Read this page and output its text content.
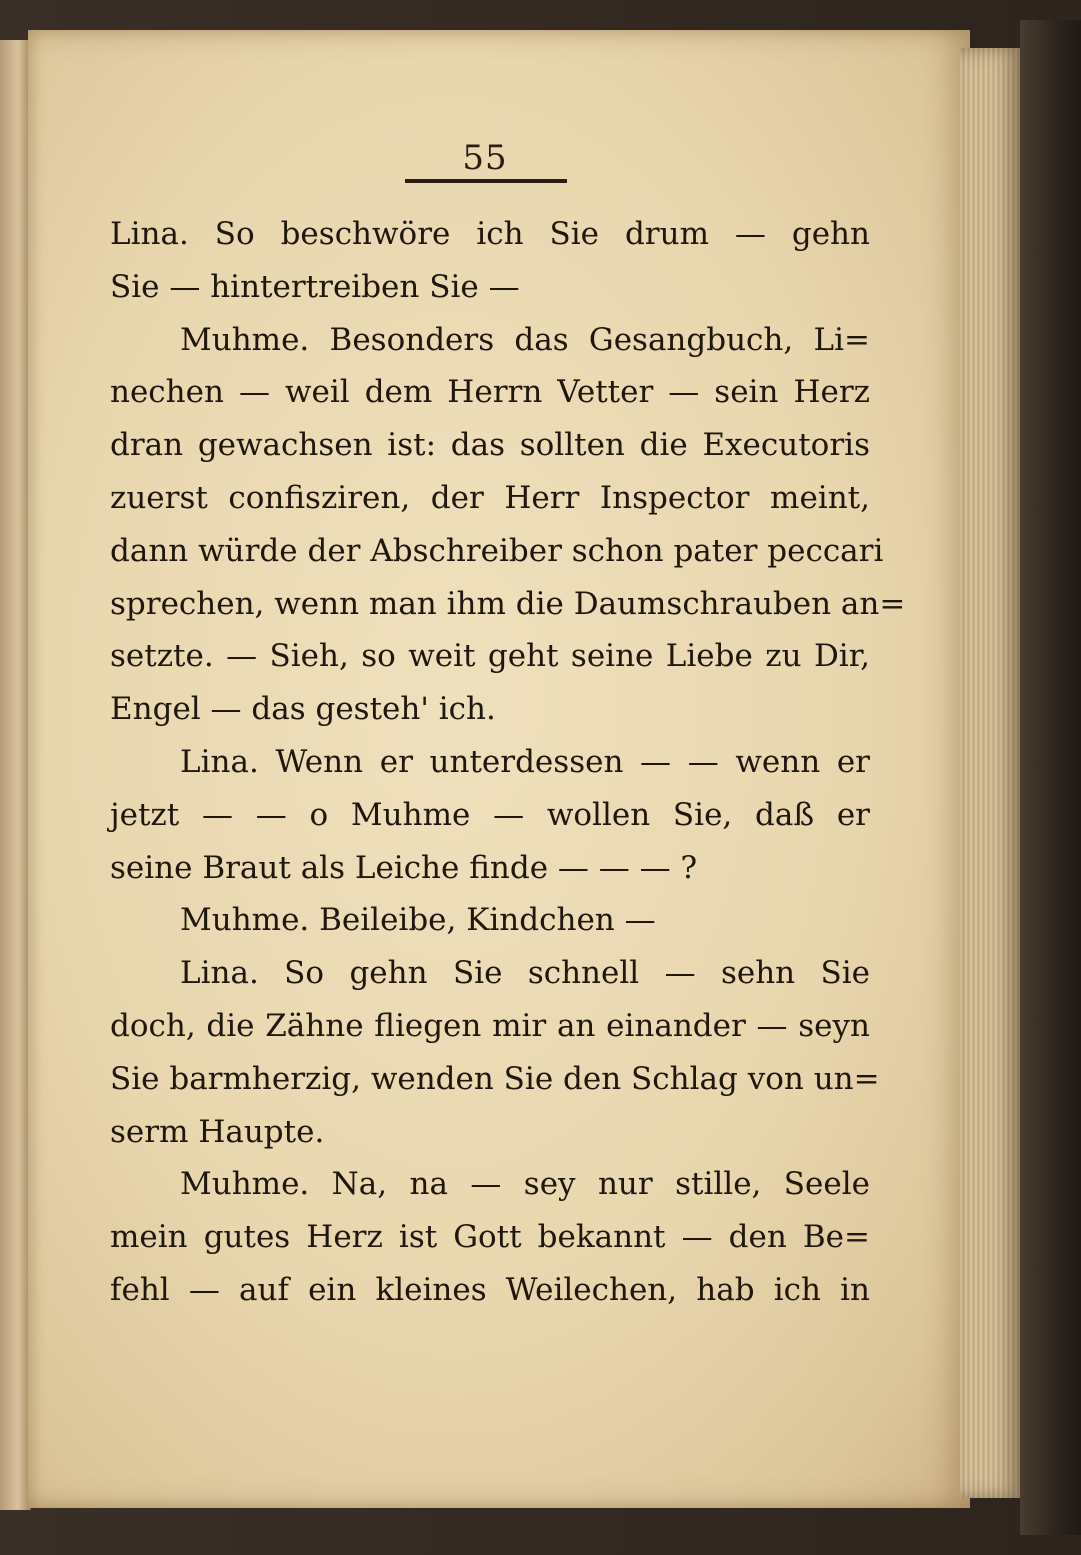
55
Lina. So beschwöre ich Sie drum — gehn
Sie — hintertreiben Sie —
Muhme. Besonders das Gesangbuch, Li=
nechen — weil dem Herrn Vetter — sein Herz
dran gewachsen ist: das sollten die Executoris
zuerst confisziren, der Herr Inspector meint,
dann würde der Abschreiber schon pater peccari
sprechen, wenn man ihm die Daumschrauben an=
setzte. — Sieh, so weit geht seine Liebe zu Dir,
Engel — das gesteh' ich.
Lina. Wenn er unterdessen — — wenn er
jetzt — — o Muhme — wollen Sie, daß er
seine Braut als Leiche finde — — — ?
Muhme. Beileibe, Kindchen —
Lina. So gehn Sie schnell — sehn Sie
doch, die Zähne fliegen mir an einander — seyn
Sie barmherzig, wenden Sie den Schlag von un=
serm Haupte.
Muhme. Na, na — sey nur stille, Seele
mein gutes Herz ist Gott bekannt — den Be=
fehl — auf ein kleines Weilechen, hab ich in
